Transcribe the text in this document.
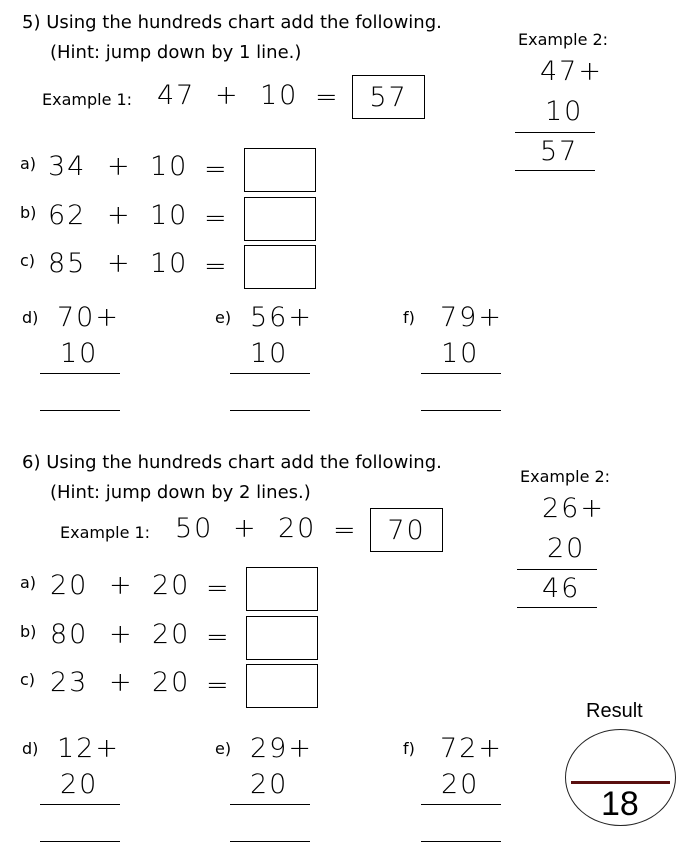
5) Using the hundreds chart add the following.
(Hint: jump down by 1 line.)
Example 1: 47 + 10 =	57
Example 2:
47+
10
57
a) 34 + 10 =
b) 62 + 10 =
c) 85 + 10 =
d) 70+
10
e) 56+
10
f) 79+
10
6) Using the hundreds chart add the following.
(Hint: jump down by 2 lines.)
Example 1: 50 + 20 =	70
Example 2:
26+
20
46
a) 20 + 20 =
b) 80 + 20 =
c) 23 + 20 =
d) 12+
20
e) 29+
20
f) 72+
20
Result
18
